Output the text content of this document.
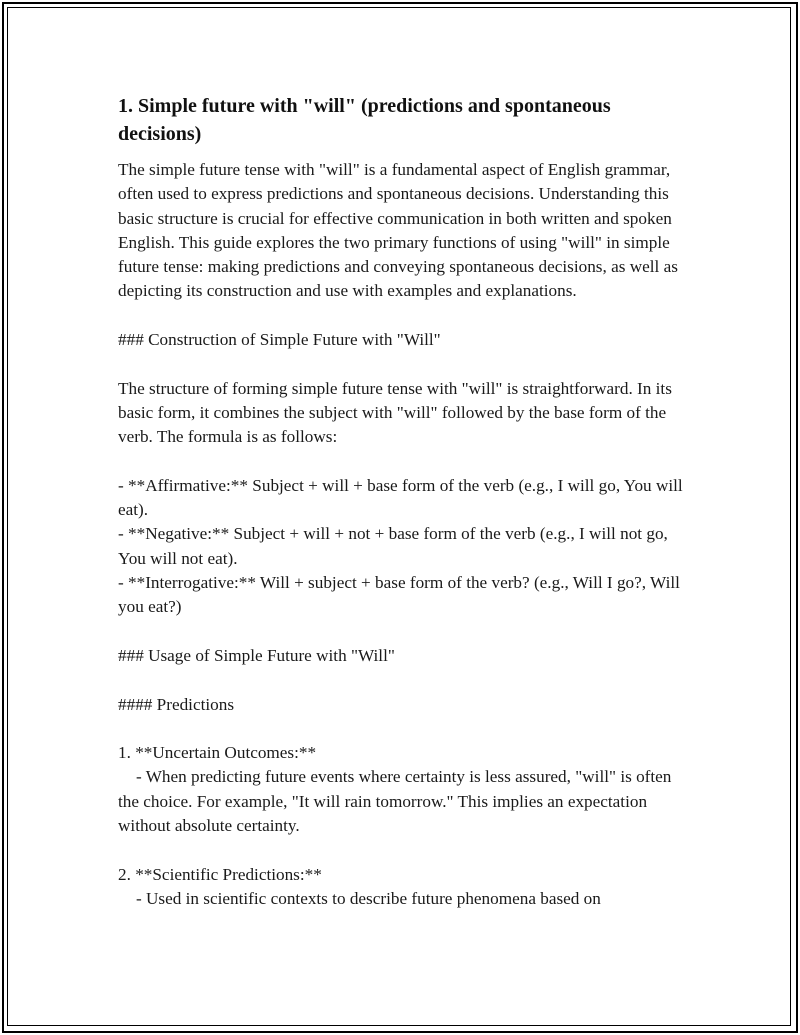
1. Simple future with "will" (predictions and spontaneous decisions)

The simple future tense with "will" is a fundamental aspect of English grammar, often used to express predictions and spontaneous decisions. Understanding this basic structure is crucial for effective communication in both written and spoken English. This guide explores the two primary functions of using "will" in simple future tense: making predictions and conveying spontaneous decisions, as well as depicting its construction and use with examples and explanations.

### Construction of Simple Future with "Will"

The structure of forming simple future tense with "will" is straightforward. In its basic form, it combines the subject with "will" followed by the base form of the verb. The formula is as follows:

- **Affirmative:** Subject + will + base form of the verb (e.g., I will go, You will eat).

- **Negative:** Subject + will + not + base form of the verb (e.g., I will not go, You will not eat).

- **Interrogative:** Will + subject + base form of the verb? (e.g., Will I go?, Will you eat?)

### Usage of Simple Future with "Will"

#### Predictions

1. **Uncertain Outcomes:**

- When predicting future events where certainty is less assured, "will" is often the choice. For example, "It will rain tomorrow." This implies an expectation without absolute certainty.

2. **Scientific Predictions:**

- Used in scientific contexts to describe future phenomena based on
